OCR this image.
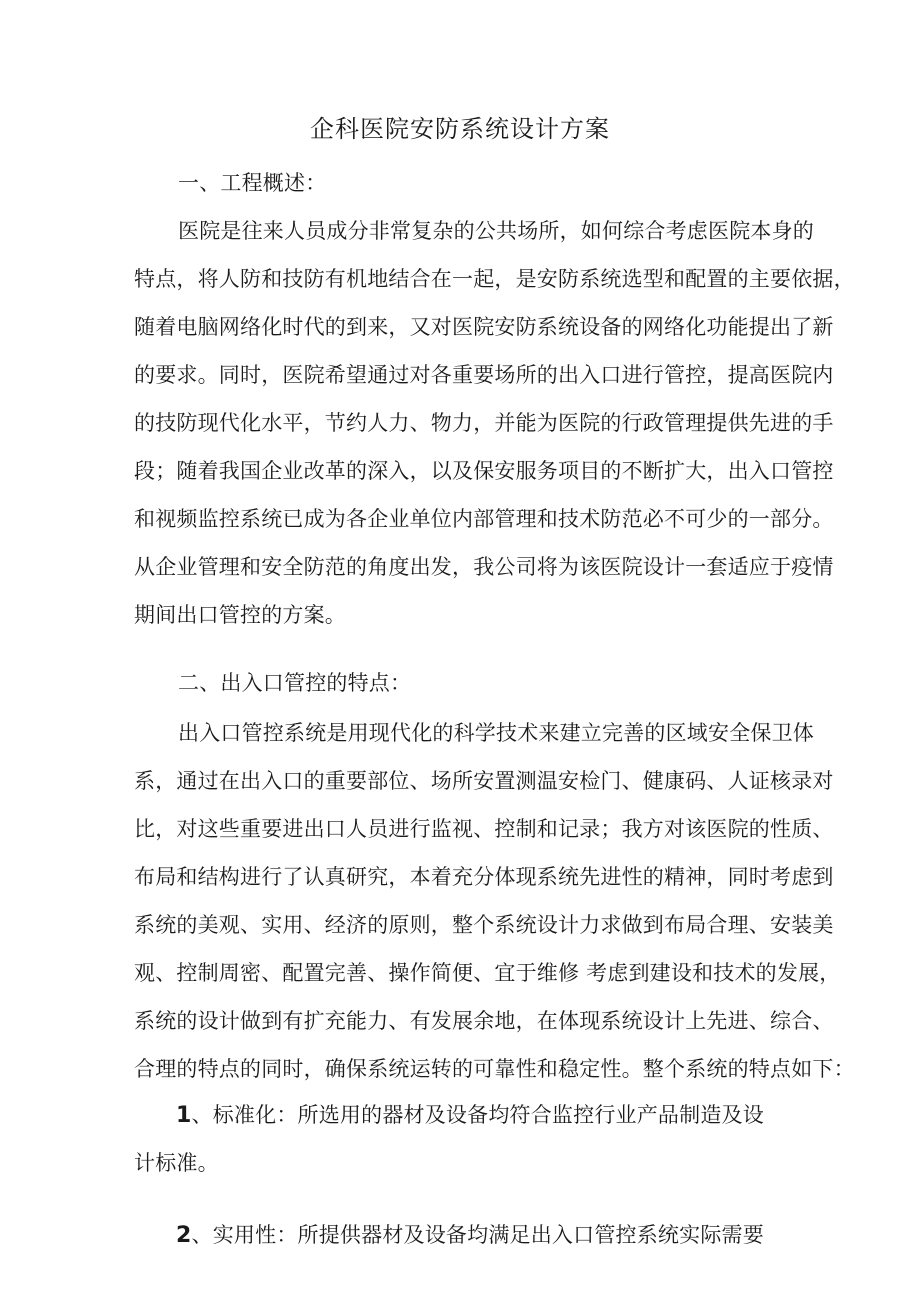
企科医院安防系统设计方案
一、工程概述：
医院是往来人员成分非常复杂的公共场所，如何综合考虑医院本身的
特点，将人防和技防有机地结合在一起，是安防系统选型和配置的主要依据，
随着电脑网络化时代的到来，又对医院安防系统设备的网络化功能提出了新
的要求。同时，医院希望通过对各重要场所的出入口进行管控，提高医院内
的技防现代化水平，节约人力、物力，并能为医院的行政管理提供先进的手
段；随着我国企业改革的深入，以及保安服务项目的不断扩大，出入口管控
和视频监控系统已成为各企业单位内部管理和技术防范必不可少的一部分。
从企业管理和安全防范的角度出发，我公司将为该医院设计一套适应于疫情
期间出口管控的方案。
二、出入口管控的特点：
出入口管控系统是用现代化的科学技术来建立完善的区域安全保卫体
系，通过在出入口的重要部位、场所安置测温安检门、健康码、人证核录对
比，对这些重要进出口人员进行监视、控制和记录；我方对该医院的性质、
布局和结构进行了认真研究，本着充分体现系统先进性的精神，同时考虑到
系统的美观、实用、经济的原则，整个系统设计力求做到布局合理、安装美
观、控制周密、配置完善、操作简便、宜于维修 考虑到建设和技术的发展，
系统的设计做到有扩充能力、有发展余地，在体现系统设计上先进、综合、
合理的特点的同时，确保系统运转的可靠性和稳定性。整个系统的特点如下：
1、标准化：所选用的器材及设备均符合监控行业产品制造及设
计标准。
2、实用性：所提供器材及设备均满足出入口管控系统实际需要
